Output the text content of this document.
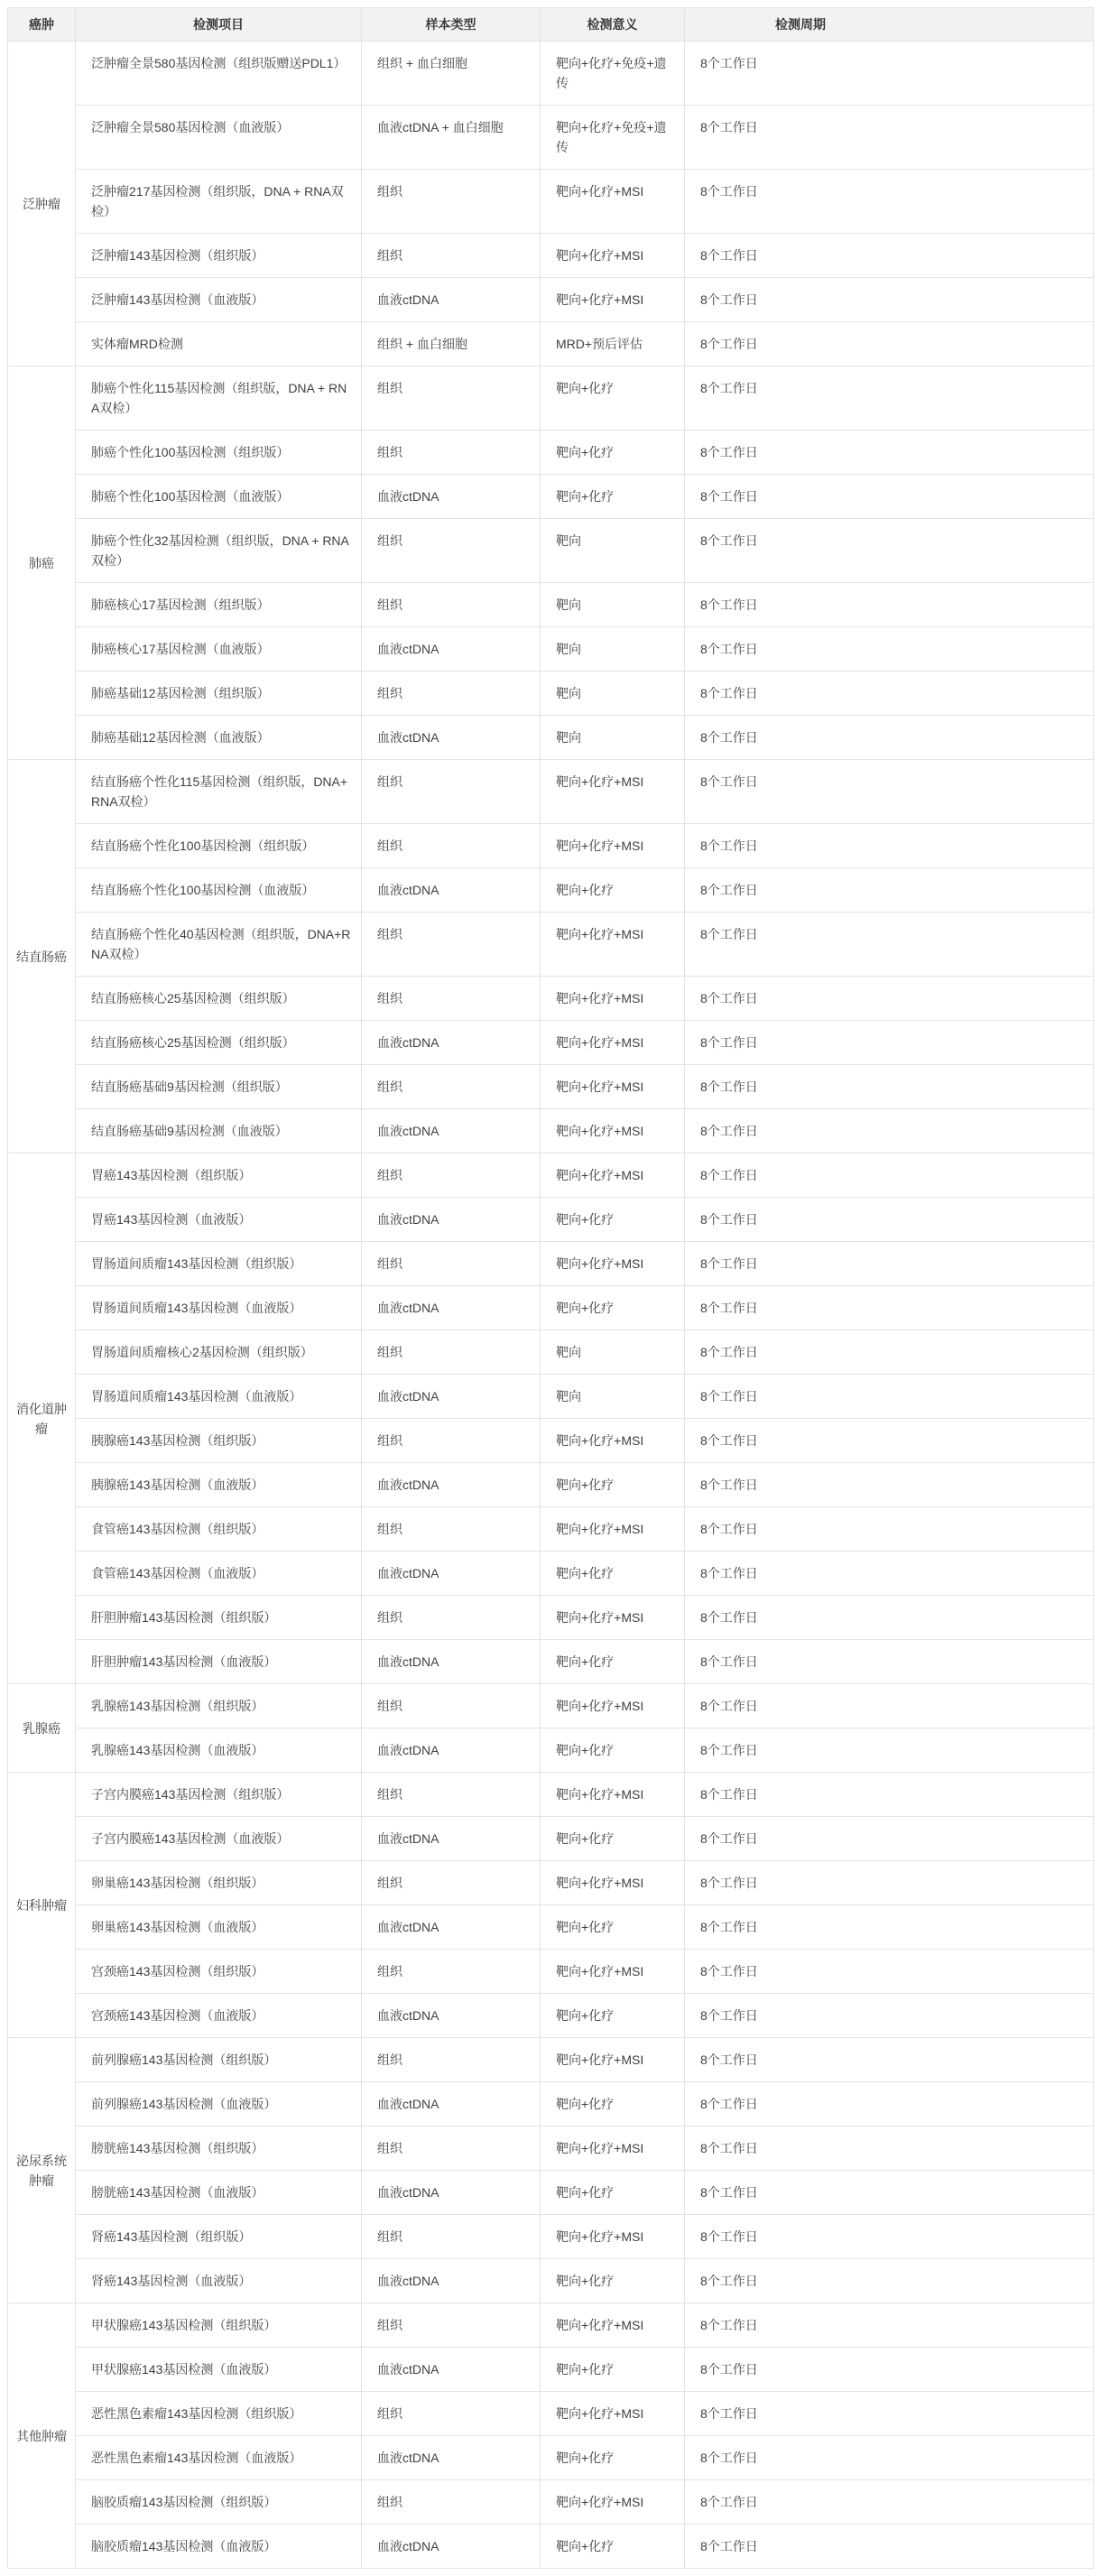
癌肿	检测项目	样本类型	检测意义	检测周期
泛肿瘤	泛肿瘤全景580基因检测（组织版赠送PDL1）	组织 + 血白细胞	靶向+化疗+免疫+遗传	8个工作日
	泛肿瘤全景580基因检测（血液版）	血液ctDNA + 血白细胞	靶向+化疗+免疫+遗传	8个工作日
	泛肿瘤217基因检测（组织版，DNA + RNA双检）	组织	靶向+化疗+MSI	8个工作日
	泛肿瘤143基因检测（组织版）	组织	靶向+化疗+MSI	8个工作日
	泛肿瘤143基因检测（血液版）	血液ctDNA	靶向+化疗+MSI	8个工作日
	实体瘤MRD检测	组织 + 血白细胞	MRD+预后评估	8个工作日
肺癌	肺癌个性化115基因检测（组织版，DNA + RNA双检）	组织	靶向+化疗	8个工作日
	肺癌个性化100基因检测（组织版）	组织	靶向+化疗	8个工作日
	肺癌个性化100基因检测（血液版）	血液ctDNA	靶向+化疗	8个工作日
	肺癌个性化32基因检测（组织版，DNA + RNA双检）	组织	靶向	8个工作日
	肺癌核心17基因检测（组织版）	组织	靶向	8个工作日
	肺癌核心17基因检测（血液版）	血液ctDNA	靶向	8个工作日
	肺癌基础12基因检测（组织版）	组织	靶向	8个工作日
	肺癌基础12基因检测（血液版）	血液ctDNA	靶向	8个工作日
结直肠癌	结直肠癌个性化115基因检测（组织版，DNA+RNA双检）	组织	靶向+化疗+MSI	8个工作日
	结直肠癌个性化100基因检测（组织版）	组织	靶向+化疗+MSI	8个工作日
	结直肠癌个性化100基因检测（血液版）	血液ctDNA	靶向+化疗	8个工作日
	结直肠癌个性化40基因检测（组织版，DNA+RNA双检）	组织	靶向+化疗+MSI	8个工作日
	结直肠癌核心25基因检测（组织版）	组织	靶向+化疗+MSI	8个工作日
	结直肠癌核心25基因检测（组织版）	血液ctDNA	靶向+化疗+MSI	8个工作日
	结直肠癌基础9基因检测（组织版）	组织	靶向+化疗+MSI	8个工作日
	结直肠癌基础9基因检测（血液版）	血液ctDNA	靶向+化疗+MSI	8个工作日
消化道肿瘤	胃癌143基因检测（组织版）	组织	靶向+化疗+MSI	8个工作日
	胃癌143基因检测（血液版）	血液ctDNA	靶向+化疗	8个工作日
	胃肠道间质瘤143基因检测（组织版）	组织	靶向+化疗+MSI	8个工作日
	胃肠道间质瘤143基因检测（血液版）	血液ctDNA	靶向+化疗	8个工作日
	胃肠道间质瘤核心2基因检测（组织版）	组织	靶向	8个工作日
	胃肠道间质瘤143基因检测（血液版）	血液ctDNA	靶向	8个工作日
	胰腺癌143基因检测（组织版）	组织	靶向+化疗+MSI	8个工作日
	胰腺癌143基因检测（血液版）	血液ctDNA	靶向+化疗	8个工作日
	食管癌143基因检测（组织版）	组织	靶向+化疗+MSI	8个工作日
	食管癌143基因检测（血液版）	血液ctDNA	靶向+化疗	8个工作日
	肝胆肿瘤143基因检测（组织版）	组织	靶向+化疗+MSI	8个工作日
	肝胆肿瘤143基因检测（血液版）	血液ctDNA	靶向+化疗	8个工作日
乳腺癌	乳腺癌143基因检测（组织版）	组织	靶向+化疗+MSI	8个工作日
	乳腺癌143基因检测（血液版）	血液ctDNA	靶向+化疗	8个工作日
妇科肿瘤	子宫内膜癌143基因检测（组织版）	组织	靶向+化疗+MSI	8个工作日
	子宫内膜癌143基因检测（血液版）	血液ctDNA	靶向+化疗	8个工作日
	卵巢癌143基因检测（组织版）	组织	靶向+化疗+MSI	8个工作日
	卵巢癌143基因检测（血液版）	血液ctDNA	靶向+化疗	8个工作日
	宫颈癌143基因检测（组织版）	组织	靶向+化疗+MSI	8个工作日
	宫颈癌143基因检测（血液版）	血液ctDNA	靶向+化疗	8个工作日
泌尿系统肿瘤	前列腺癌143基因检测（组织版）	组织	靶向+化疗+MSI	8个工作日
	前列腺癌143基因检测（血液版）	血液ctDNA	靶向+化疗	8个工作日
	膀胱癌143基因检测（组织版）	组织	靶向+化疗+MSI	8个工作日
	膀胱癌143基因检测（血液版）	血液ctDNA	靶向+化疗	8个工作日
	肾癌143基因检测（组织版）	组织	靶向+化疗+MSI	8个工作日
	肾癌143基因检测（血液版）	血液ctDNA	靶向+化疗	8个工作日
其他肿瘤	甲状腺癌143基因检测（组织版）	组织	靶向+化疗+MSI	8个工作日
	甲状腺癌143基因检测（血液版）	血液ctDNA	靶向+化疗	8个工作日
	恶性黑色素瘤143基因检测（组织版）	组织	靶向+化疗+MSI	8个工作日
	恶性黑色素瘤143基因检测（血液版）	血液ctDNA	靶向+化疗	8个工作日
	脑胶质瘤143基因检测（组织版）	组织	靶向+化疗+MSI	8个工作日
	脑胶质瘤143基因检测（血液版）	血液ctDNA	靶向+化疗	8个工作日
